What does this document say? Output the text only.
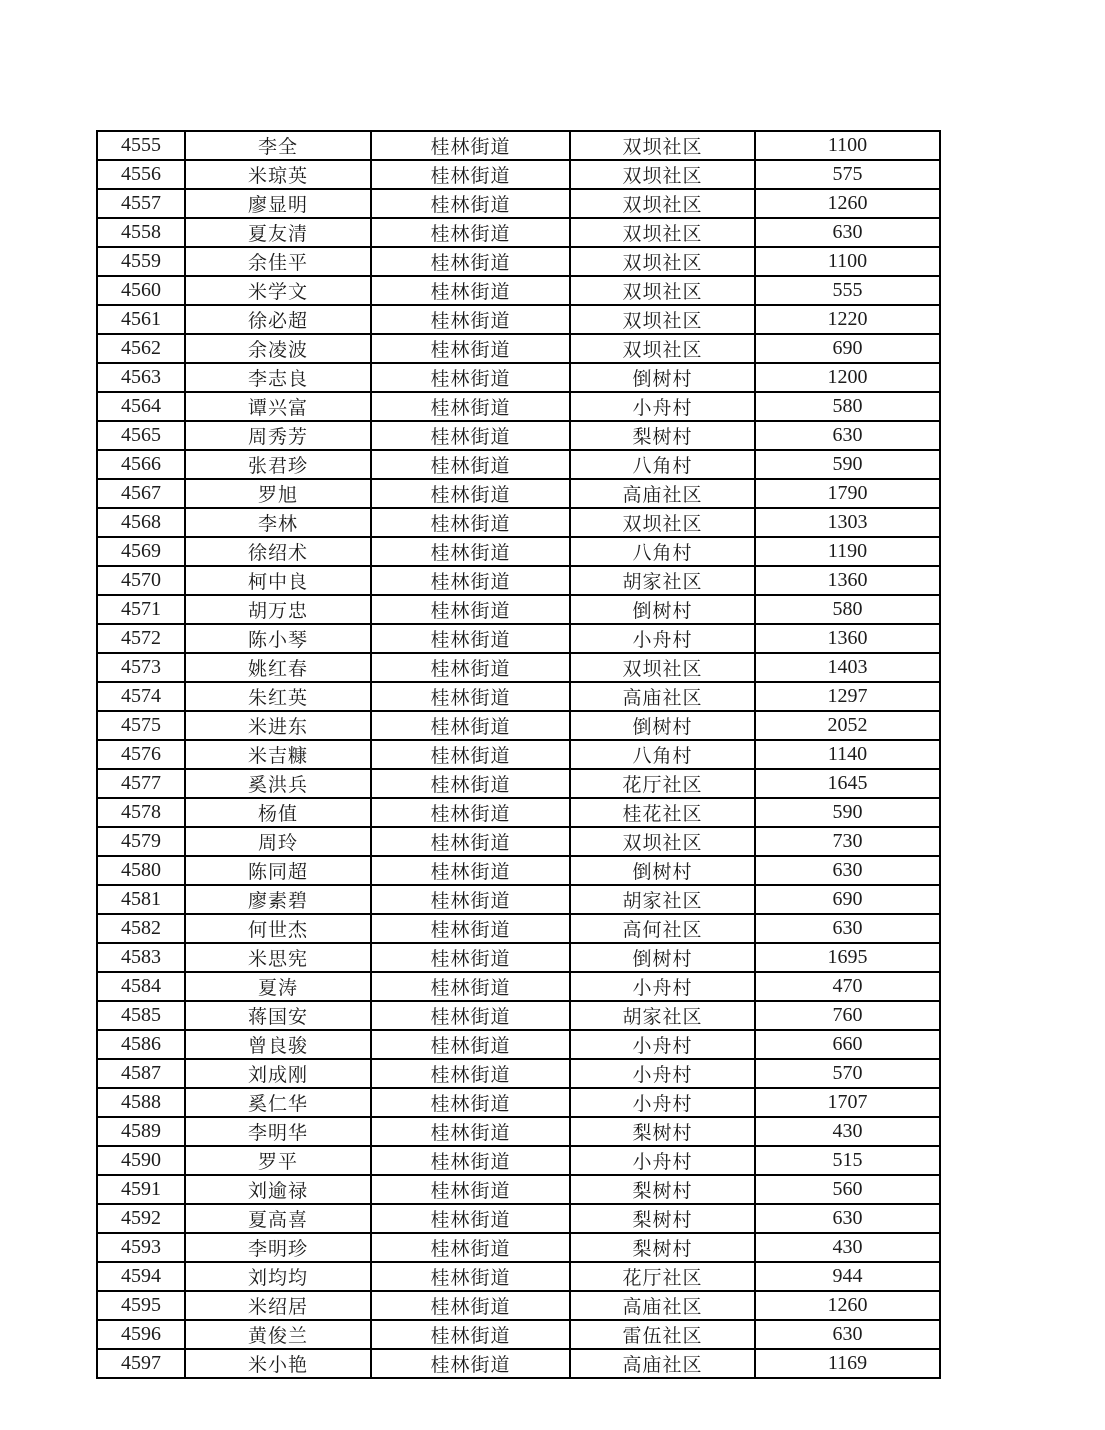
4555	李全	桂林街道	双坝社区	1100
4556	米琼英	桂林街道	双坝社区	575
4557	廖显明	桂林街道	双坝社区	1260
4558	夏友清	桂林街道	双坝社区	630
4559	余佳平	桂林街道	双坝社区	1100
4560	米学文	桂林街道	双坝社区	555
4561	徐必超	桂林街道	双坝社区	1220
4562	余凌波	桂林街道	双坝社区	690
4563	李志良	桂林街道	倒树村	1200
4564	谭兴富	桂林街道	小舟村	580
4565	周秀芳	桂林街道	梨树村	630
4566	张君珍	桂林街道	八角村	590
4567	罗旭	桂林街道	高庙社区	1790
4568	李林	桂林街道	双坝社区	1303
4569	徐绍术	桂林街道	八角村	1190
4570	柯中良	桂林街道	胡家社区	1360
4571	胡万忠	桂林街道	倒树村	580
4572	陈小琴	桂林街道	小舟村	1360
4573	姚红春	桂林街道	双坝社区	1403
4574	朱红英	桂林街道	高庙社区	1297
4575	米进东	桂林街道	倒树村	2052
4576	米吉糠	桂林街道	八角村	1140
4577	奚洪兵	桂林街道	花厅社区	1645
4578	杨值	桂林街道	桂花社区	590
4579	周玲	桂林街道	双坝社区	730
4580	陈同超	桂林街道	倒树村	630
4581	廖素碧	桂林街道	胡家社区	690
4582	何世杰	桂林街道	高何社区	630
4583	米思宪	桂林街道	倒树村	1695
4584	夏涛	桂林街道	小舟村	470
4585	蒋国安	桂林街道	胡家社区	760
4586	曾良骏	桂林街道	小舟村	660
4587	刘成刚	桂林街道	小舟村	570
4588	奚仁华	桂林街道	小舟村	1707
4589	李明华	桂林街道	梨树村	430
4590	罗平	桂林街道	小舟村	515
4591	刘逾禄	桂林街道	梨树村	560
4592	夏高喜	桂林街道	梨树村	630
4593	李明珍	桂林街道	梨树村	430
4594	刘均均	桂林街道	花厅社区	944
4595	米绍居	桂林街道	高庙社区	1260
4596	黄俊兰	桂林街道	雷伍社区	630
4597	米小艳	桂林街道	高庙社区	1169
